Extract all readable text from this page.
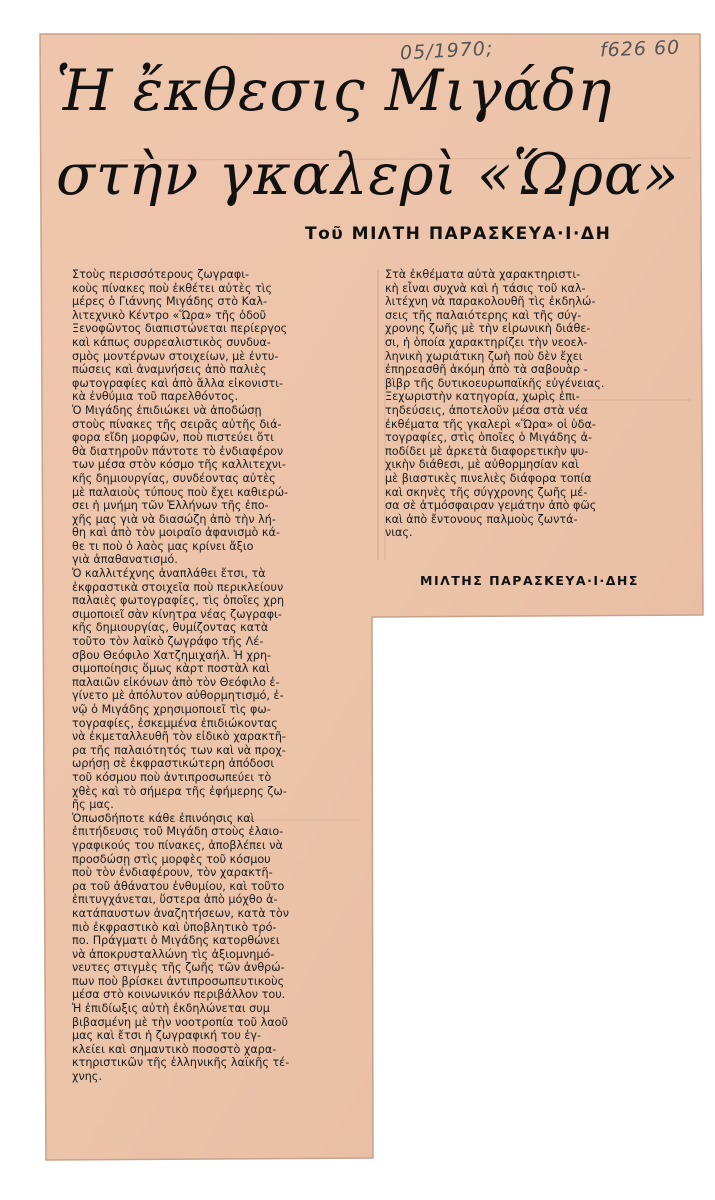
05/1970;	f626 60
Ἡ ἔκθεσις Μιγάδη
στὴν γκαλερὶ «Ὥρα»
Τοῦ ΜΙΛΤΗ ΠΑΡΑΣΚΕΥΑ·Ι·ΔΗ

Στοὺς περισσότερους ζωγραφι-

κοὺς πίνακες ποὺ ἐκθέτει αὐτὲς τὶς

μέρες ὁ Γιάννης Μιγάδης στὸ Καλ-

λιτεχνικὸ Κέντρο «Ὥρα» τῆς ὁδοῦ

Ξενοφῶντος διαπιστώνεται περίεργος

καὶ κάπως συρρεαλιστικὸς συνδυα-

σμὸς μοντέρνων στοιχείων, μὲ ἐντυ-

πώσεις καὶ ἀναμνήσεις ἀπὸ παλιὲς

φωτογραφίες καὶ ἀπὸ ἄλλα εἰκονιστι-

κὰ ἐνθύμια τοῦ παρελθόντος.

Ὁ Μιγάδης ἐπιδιώκει νὰ ἀποδώσῃ

στοὺς πίνακες τῆς σειρᾶς αὐτῆς διά-

φορα εἴδη μορφῶν, ποὺ πιστεύει ὅτι

θὰ διατηροῦν πάντοτε τὸ ἐνδιαφέρον

των μέσα στὸν κόσμο τῆς καλλιτεχνι-

κῆς δημιουργίας, συνδέοντας αὐτὲς

μὲ παλαιοὺς τύπους ποὺ ἔχει καθιερώ-

σει ἡ μνήμη τῶν Ἑλλήνων τῆς ἐπο-

χῆς μας γιὰ νὰ διασώζη ἀπὸ τὴν λή-

θη καὶ ἀπὸ τὸν μοιραῖο ἀφανισμὸ κά-

θε τι ποὺ ὁ λαὸς μας κρίνει ἄξιο

γιὰ ἀπαθανατισμό.

Ὁ καλλιτέχνης ἀναπλάθει ἔτσι, τὰ

ἐκφραστικὰ στοιχεῖα ποὺ περικλείουν

παλαιὲς φωτογραφίες, τὶς ὁποῖες χρη

σιμοποιεῖ σὰν κίνητρα νέας ζωγραφι-

κῆς δημιουργίας, θυμίζοντας κατὰ

τοῦτο τὸν λαϊκὸ ζωγράφο τῆς Λέ-

σβου Θεόφιλο Χατζημιχαήλ. Ἡ χρη-

σιμοποίησις ὅμως κὰρτ ποστὰλ καὶ

παλαιῶν εἰκόνων ἀπὸ τὸν Θεόφιλο ἐ-

γίνετο μὲ ἀπόλυτον αὐθορμητισμό, ἐ-

νῷ ὁ Μιγάδης χρησιμοποιεῖ τὶς φω-

τογραφίες, ἐσκεμμένα ἐπιδιώκοντας

νὰ ἐκμεταλλευθῆ τὸν εἰδικὸ χαρακτῆ-

ρα τῆς παλαιότητός των καὶ νὰ προχ-

ωρήσῃ σὲ ἐκφραστικώτερη ἀπόδοσι

τοῦ κόσμου ποὺ ἀντιπροσωπεύει τὸ

χθὲς καὶ τὸ σήμερα τῆς ἐφήμερης ζω-

ῆς μας.

Ὁπωσδήποτε κάθε ἐπινόησις καὶ

ἐπιτήδευσις τοῦ Μιγάδη στοὺς ἐλαιο-

γραφικούς του πίνακες, ἀποβλέπει νὰ

προσδώσῃ στὶς μορφὲς τοῦ κόσμου

ποὺ τὸν ἐνδιαφέρουν, τὸν χαρακτῆ-

ρα τοῦ ἀθάνατου ἐνθυμίου, καὶ τοῦτο

ἐπιτυγχάνεται, ὕστερα ἀπὸ μόχθο ἀ-

κατάπαυστων ἀναζητήσεων, κατὰ τὸν

πιὸ ἐκφραστικὸ καὶ ὑποβλητικὸ τρό-

πο. Πράγματι ὁ Μιγάδης κατορθώνει

νὰ ἀποκρυσταλλώνη τὶς ἀξιομνημό-

νευτες στιγμὲς τῆς ζωῆς τῶν ἀνθρώ-

πων ποὺ βρίσκει ἀντιπροσωπευτικοὺς

μέσα στὸ κοινωνικόν περιβάλλον του.

Ἡ ἐπιδίωξις αὐτὴ ἐκδηλώνεται συμ

βιβασμένη μὲ τὴν νοοτροπία τοῦ λαοῦ

μας καὶ ἔτσι ἡ ζωγραφική του ἐγ-

κλείει καὶ σημαντικὸ ποσοστὸ χαρα-

κτηριστικῶν τῆς ἑλληνικῆς λαϊκῆς τέ-

χνης.

Στὰ ἐκθέματα αὐτὰ χαρακτηριστι-

κὴ εἶναι συχνὰ καὶ ἡ τάσις τοῦ καλ-

λιτέχνη νὰ παρακολουθῆ τὶς ἐκδηλώ-

σεις τῆς παλαιότερης καὶ τῆς σύγ-

χρονης ζωῆς μὲ τὴν εἰρωνικὴ διάθε-

σι, ἡ ὁποία χαρακτηρίζει τὴν νεοελ-

ληνικὴ χωριάτικη ζωὴ ποὺ δὲν ἔχει

ἐπηρεασθῆ ἀκόμη ἀπὸ τὰ σαβουὰρ -

βὶβρ τῆς δυτικοευρωπαϊκῆς εὐγένειας.

Ξεχωριστὴν κατηγορία, χωρὶς ἐπι-

τηδεύσεις, ἀποτελοῦν μέσα στὰ νέα

ἐκθέματα τῆς γκαλερὶ «Ὥρα» οἱ ὑδα-

τογραφίες, στὶς ὁποῖες ὁ Μιγάδης ἀ-

ποδίδει μὲ ἀρκετὰ διαφορετικὴν ψυ-

χικὴν διάθεσι, μὲ αὐθορμησίαν καὶ

μὲ βιαστικὲς πινελιὲς διάφορα τοπία

καὶ σκηνὲς τῆς σύγχρονης ζωῆς μέ-

σα σὲ ἀτμόσφαιραν γεμάτην ἀπὸ φῶς

καὶ ἀπὸ ἔντονους παλμοὺς ζωντά-

νιας.

ΜΙΛΤΗΣ ΠΑΡΑΣΚΕΥΑ·Ι·ΔΗΣ
